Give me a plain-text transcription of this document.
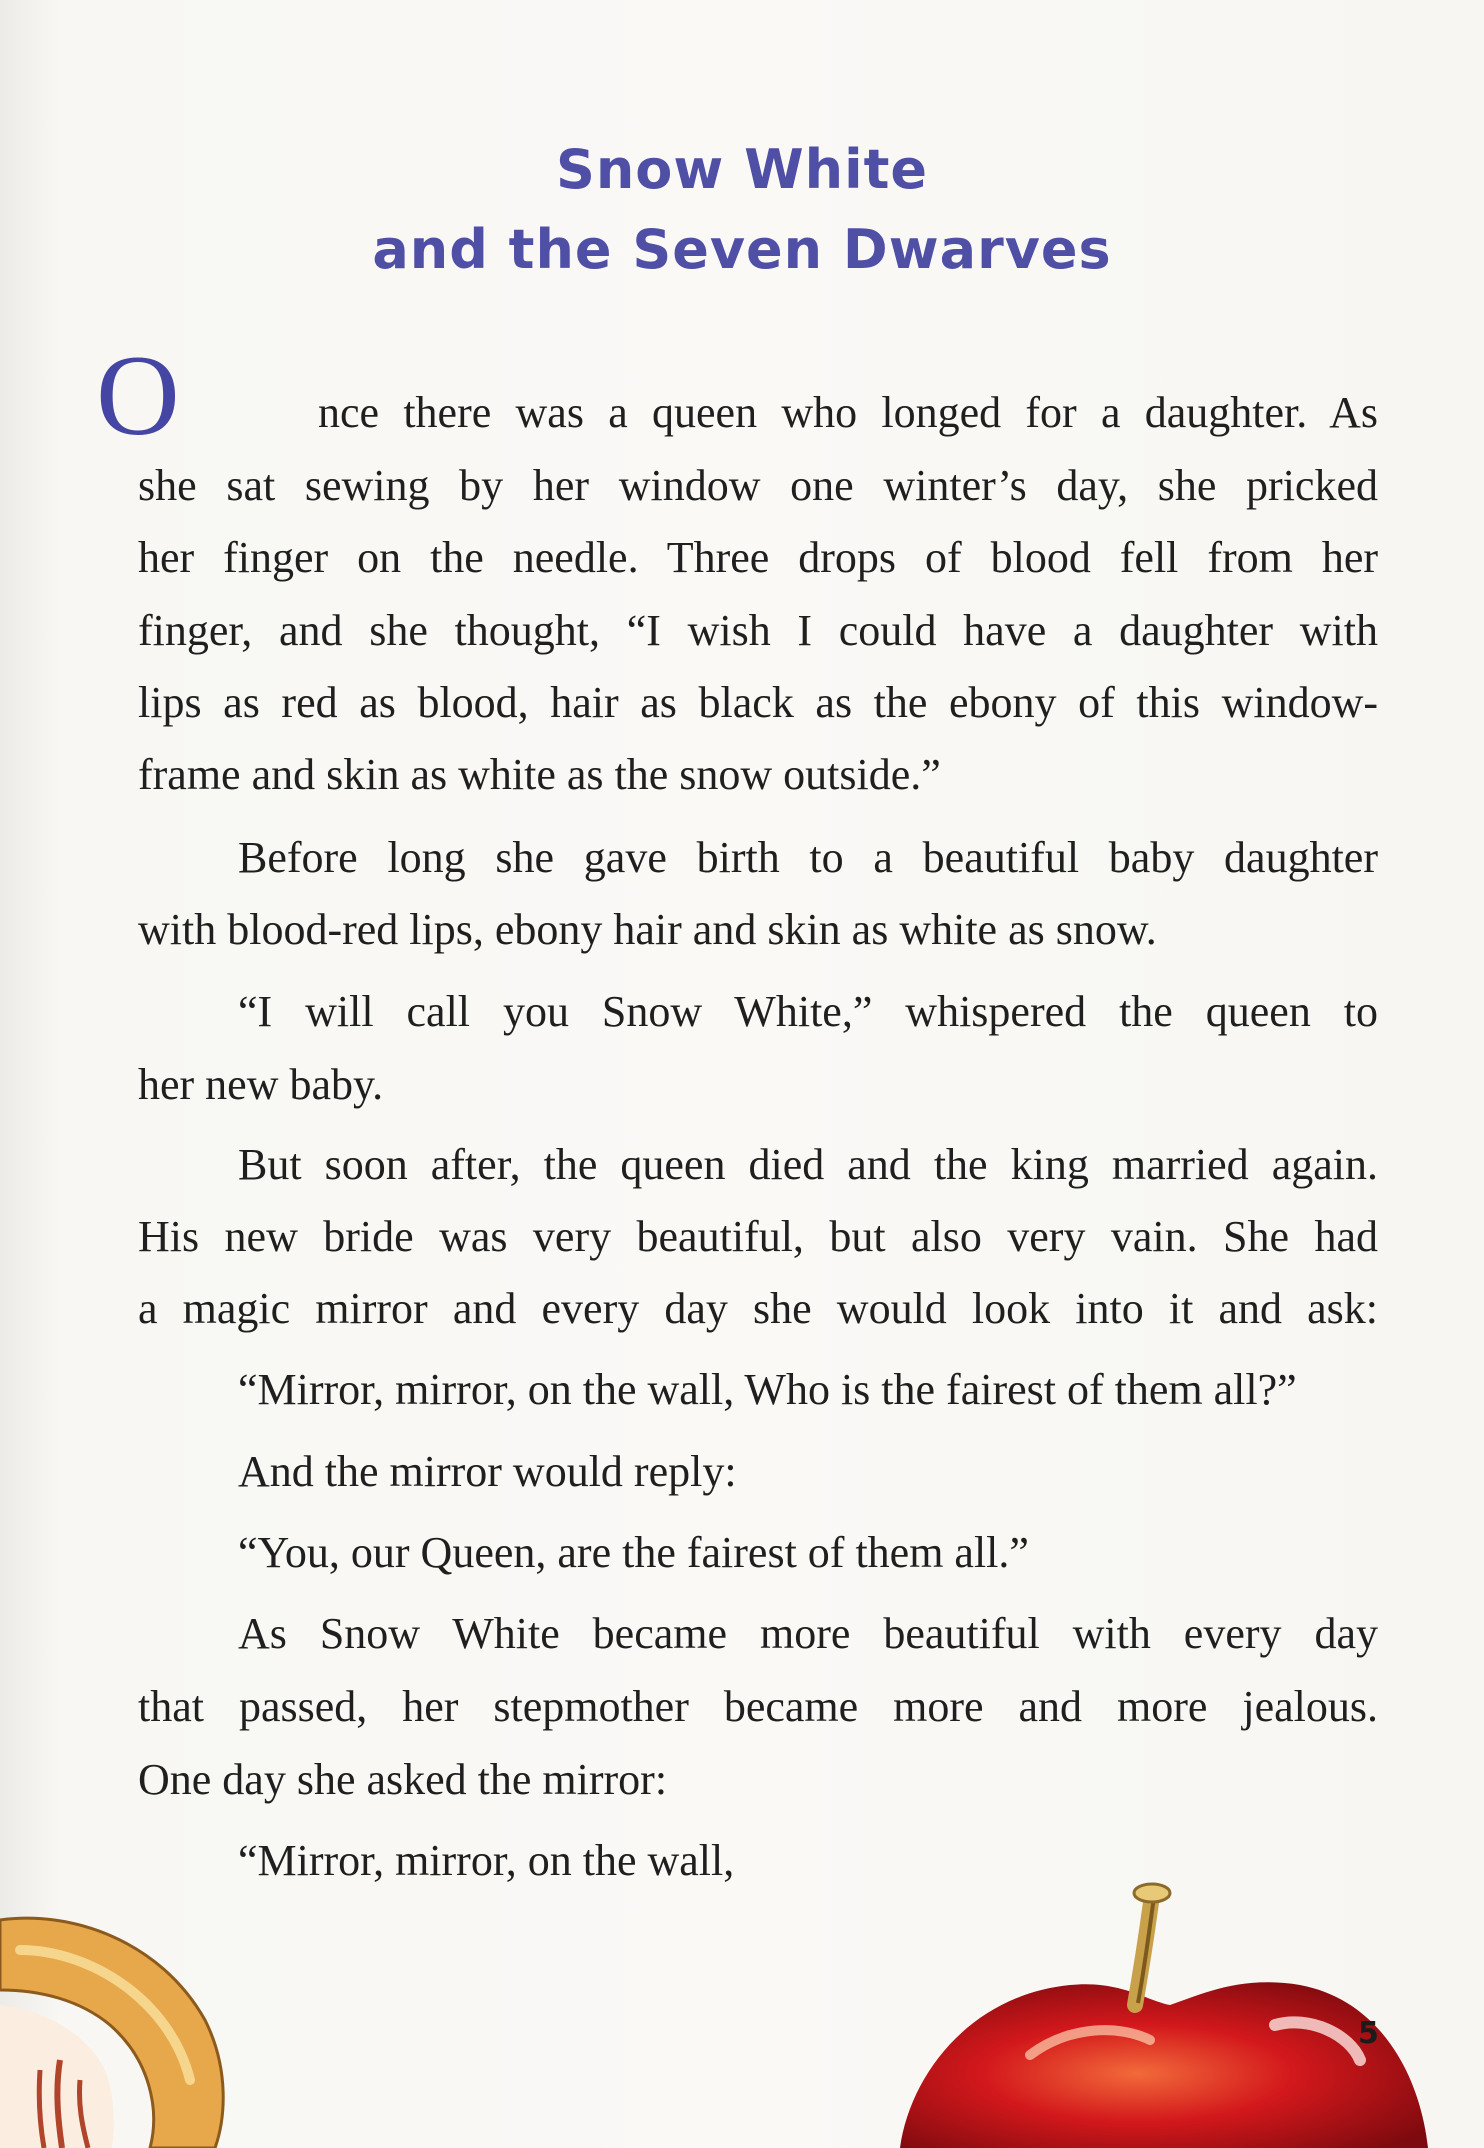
Snow White
and the Seven Dwarves
O	nce there was a queen who longed for a daughter. As
she sat sewing by her window one winter’s day, she pricked
her finger on the needle. Three drops of blood fell from her
finger, and she thought, “I wish I could have a daughter with
lips as red as blood, hair as black as the ebony of this window-
frame and skin as white as the snow outside.”
Before long she gave birth to a beautiful baby daughter
with blood-red lips, ebony hair and skin as white as snow.
“I will call you Snow White,” whispered the queen to
her new baby.
But soon after, the queen died and the king married again.
His new bride was very beautiful, but also very vain. She had
a magic mirror and every day she would look into it and ask:
“Mirror, mirror, on the wall, Who is the fairest of them all?”
And the mirror would reply:
“You, our Queen, are the fairest of them all.”
As Snow White became more beautiful with every day
that passed, her stepmother became more and more jealous.
One day she asked the mirror:
“Mirror, mirror, on the wall,
5
